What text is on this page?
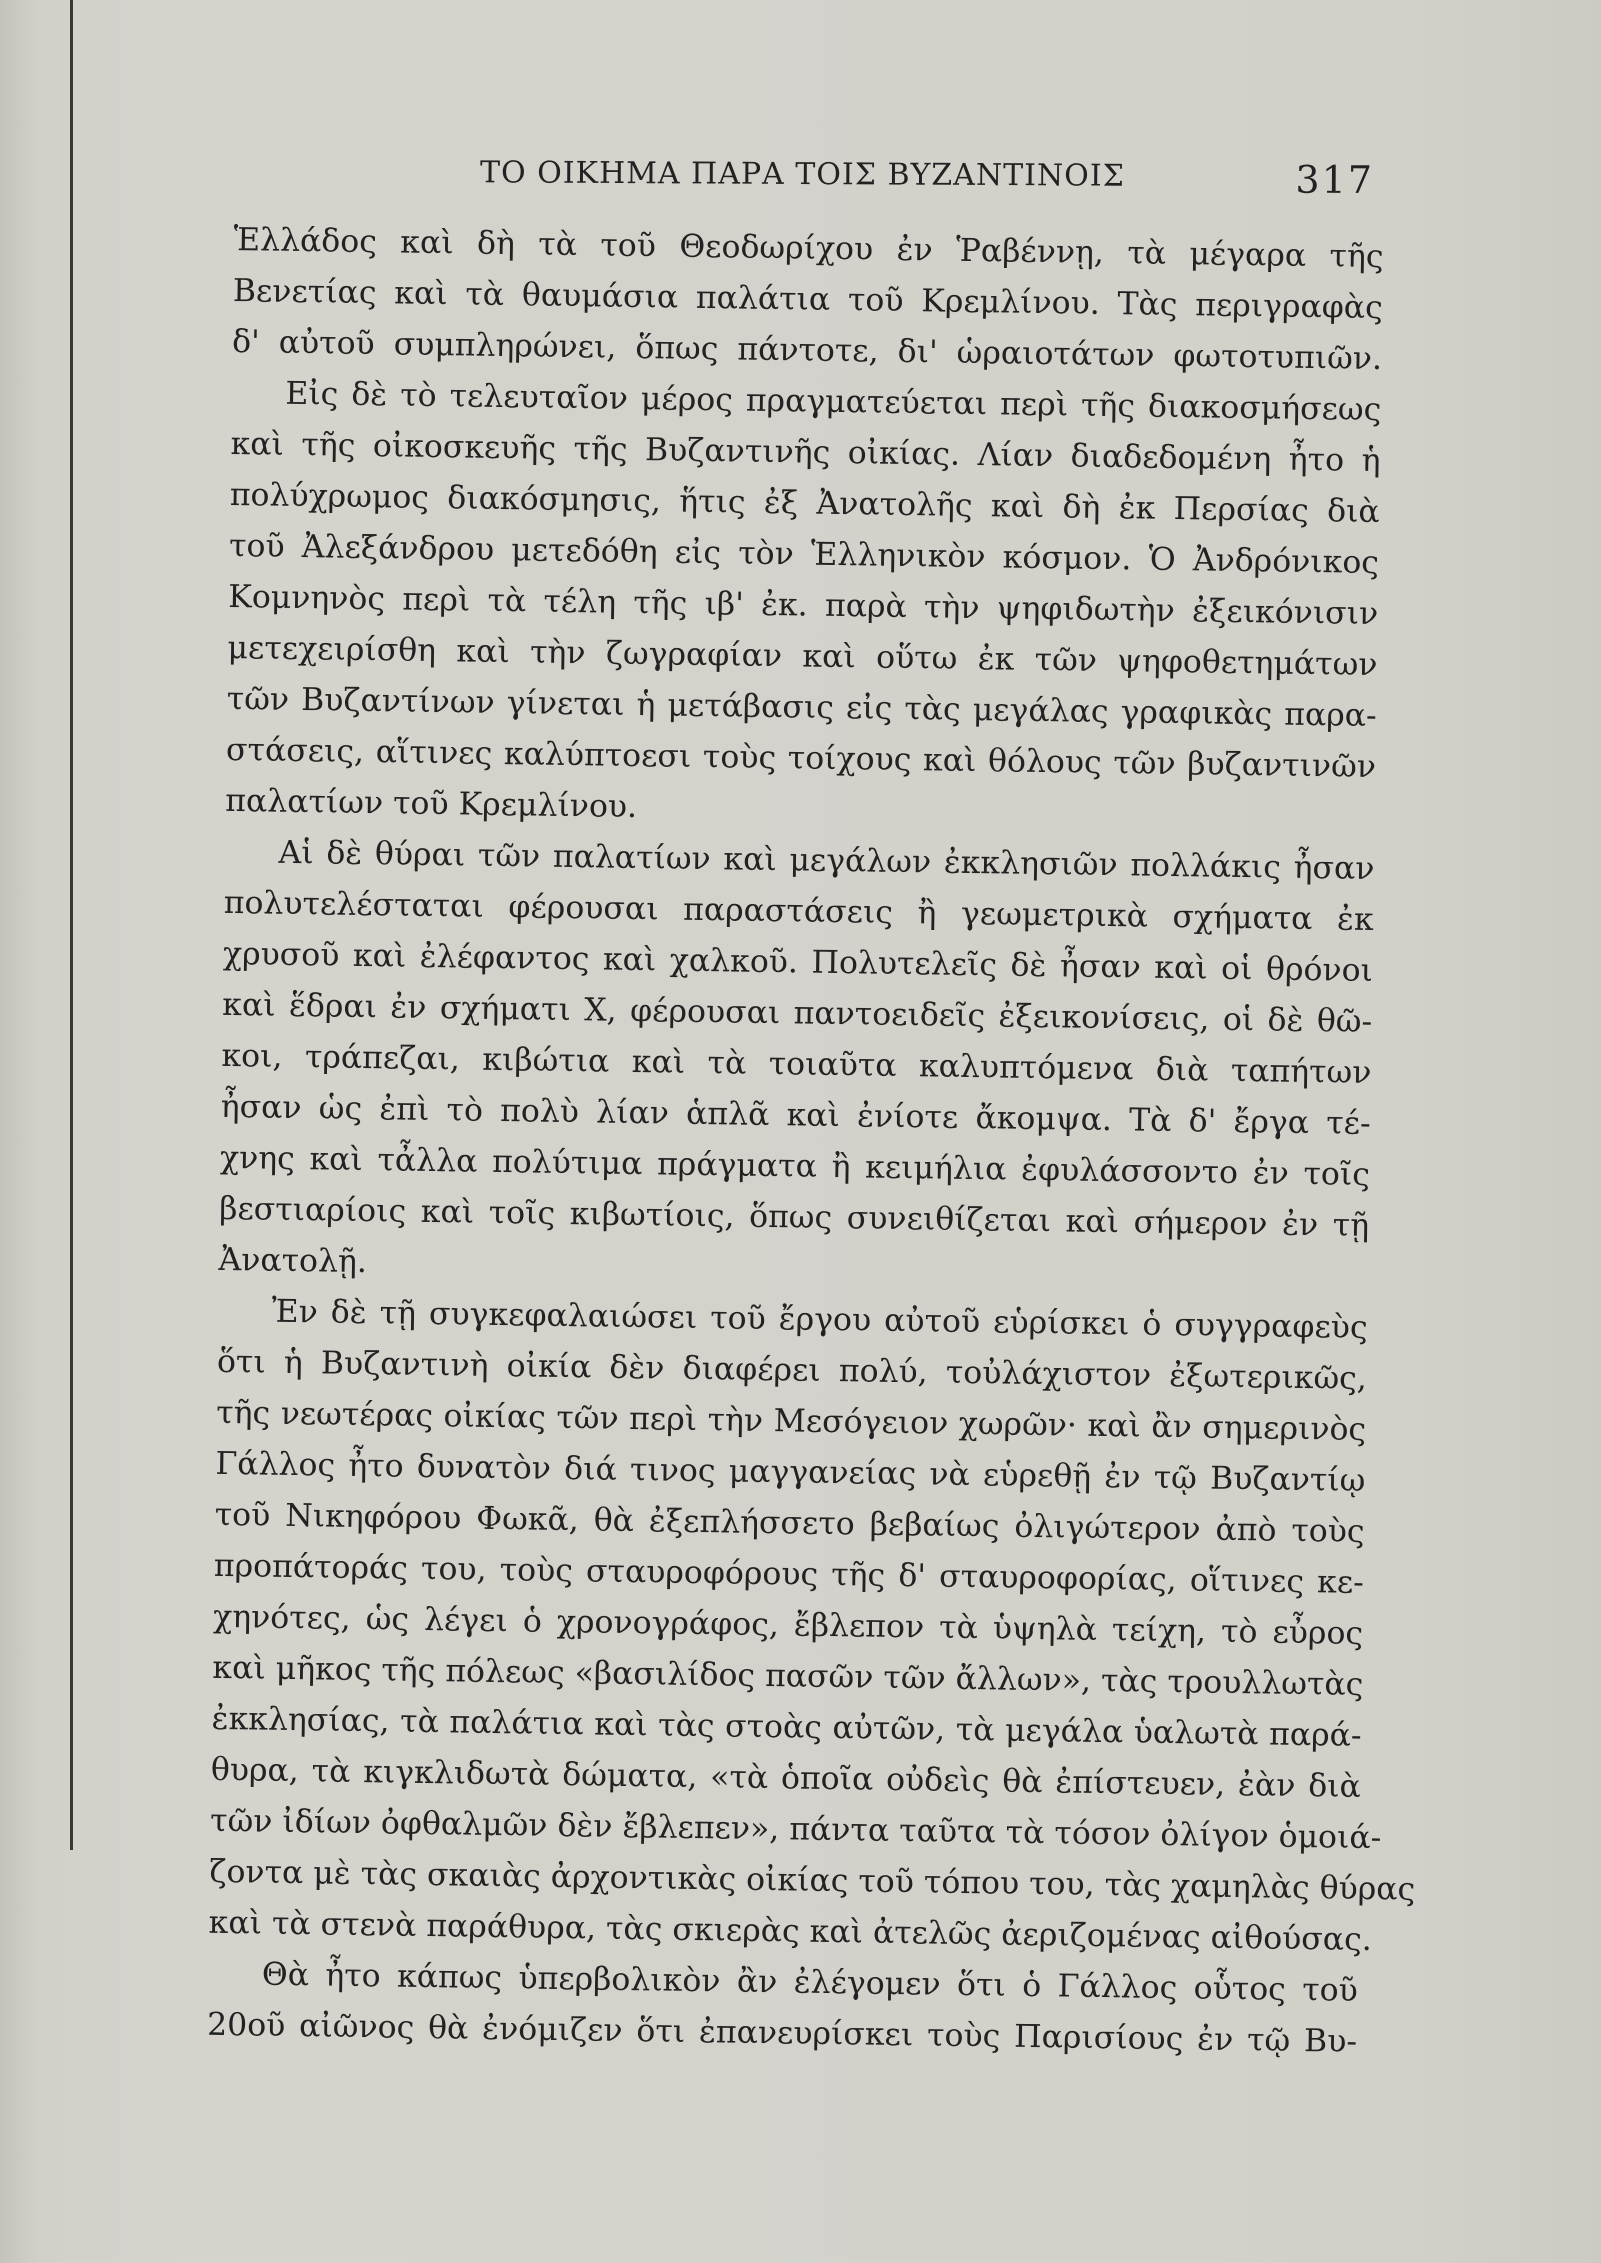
ΤΟ ΟΙΚΗΜΑ ΠΑΡΑ ΤΟΙΣ ΒΥΖΑΝΤΙΝΟΙΣ	317
Ἑλλάδος καὶ δὴ τὰ τοῦ Θεοδωρίχου ἐν Ῥαβέννῃ, τὰ μέγαρα τῆς
Βενετίας καὶ τὰ θαυμάσια παλάτια τοῦ Κρεμλίνου. Τὰς περιγραφὰς
δ' αὐτοῦ συμπληρώνει, ὅπως πάντοτε, δι' ὡραιοτάτων φωτοτυπιῶν.
Εἰς δὲ τὸ τελευταῖον μέρος πραγματεύεται περὶ τῆς διακοσμήσεως
καὶ τῆς οἰκοσκευῆς τῆς Βυζαντινῆς οἰκίας. Λίαν διαδεδομένη ἦτο ἡ
πολύχρωμος διακόσμησις, ἥτις ἐξ Ἀνατολῆς καὶ δὴ ἐκ Περσίας διὰ
τοῦ Ἀλεξάνδρου μετεδόθη εἰς τὸν Ἑλληνικὸν κόσμον. Ὁ Ἀνδρόνικος
Κομνηνὸς περὶ τὰ τέλη τῆς ιβ' ἐκ. παρὰ τὴν ψηφιδωτὴν ἐξεικόνισιν
μετεχειρίσθη καὶ τὴν ζωγραφίαν καὶ οὕτω ἐκ τῶν ψηφοθετημάτων
τῶν Βυζαντίνων γίνεται ἡ μετάβασις εἰς τὰς μεγάλας γραφικὰς παρα-
στάσεις, αἵτινες καλύπτοεσι τοὺς τοίχους καὶ θόλους τῶν βυζαντινῶν
παλατίων τοῦ Κρεμλίνου.
Αἱ δὲ θύραι τῶν παλατίων καὶ μεγάλων ἐκκλησιῶν πολλάκις ἦσαν
πολυτελέσταται φέρουσαι παραστάσεις ἢ γεωμετρικὰ σχήματα ἐκ
χρυσοῦ καὶ ἐλέφαντος καὶ χαλκοῦ. Πολυτελεῖς δὲ ἦσαν καὶ οἱ θρόνοι
καὶ ἕδραι ἐν σχήματι Χ, φέρουσαι παντοειδεῖς ἐξεικονίσεις, οἱ δὲ θῶ-
κοι, τράπεζαι, κιβώτια καὶ τὰ τοιαῦτα καλυπτόμενα διὰ ταπήτων
ἦσαν ὡς ἐπὶ τὸ πολὺ λίαν ἁπλᾶ καὶ ἐνίοτε ἄκομψα. Τὰ δ' ἔργα τέ-
χνης καὶ τἆλλα πολύτιμα πράγματα ἢ κειμήλια ἐφυλάσσοντο ἐν τοῖς
βεστιαρίοις καὶ τοῖς κιβωτίοις, ὅπως συνειθίζεται καὶ σήμερον ἐν τῇ
Ἀνατολῇ.
Ἐν δὲ τῇ συγκεφαλαιώσει τοῦ ἔργου αὐτοῦ εὑρίσκει ὁ συγγραφεὺς
ὅτι ἡ Βυζαντινὴ οἰκία δὲν διαφέρει πολύ, τοὐλάχιστον ἐξωτερικῶς,
τῆς νεωτέρας οἰκίας τῶν περὶ τὴν Μεσόγειον χωρῶν· καὶ ἂν σημερινὸς
Γάλλος ἦτο δυνατὸν διά τινος μαγγανείας νὰ εὑρεθῇ ἐν τῷ Βυζαντίῳ
τοῦ Νικηφόρου Φωκᾶ, θὰ ἐξεπλήσσετο βεβαίως ὀλιγώτερον ἀπὸ τοὺς
προπάτοράς του, τοὺς σταυροφόρους τῆς δ' σταυροφορίας, οἵτινες κε-
χηνότες, ὡς λέγει ὁ χρονογράφος, ἔβλεπον τὰ ὑψηλὰ τείχη, τὸ εὖρος
καὶ μῆκος τῆς πόλεως «βασιλίδος πασῶν τῶν ἄλλων», τὰς τρουλλωτὰς
ἐκκλησίας, τὰ παλάτια καὶ τὰς στοὰς αὐτῶν, τὰ μεγάλα ὑαλωτὰ παρά-
θυρα, τὰ κιγκλιδωτὰ δώματα, «τὰ ὁποῖα οὐδεὶς θὰ ἐπίστευεν, ἐὰν διὰ
τῶν ἰδίων ὀφθαλμῶν δὲν ἔβλεπεν», πάντα ταῦτα τὰ τόσον ὀλίγον ὁμοιά-
ζοντα μὲ τὰς σκαιὰς ἀρχοντικὰς οἰκίας τοῦ τόπου του, τὰς χαμηλὰς θύρας
καὶ τὰ στενὰ παράθυρα, τὰς σκιερὰς καὶ ἀτελῶς ἀεριζομένας αἰθούσας.
Θὰ ἦτο κάπως ὑπερβολικὸν ἂν ἐλέγομεν ὅτι ὁ Γάλλος οὗτος τοῦ
20οῦ αἰῶνος θὰ ἐνόμιζεν ὅτι ἐπανευρίσκει τοὺς Παρισίους ἐν τῷ Βυ-
